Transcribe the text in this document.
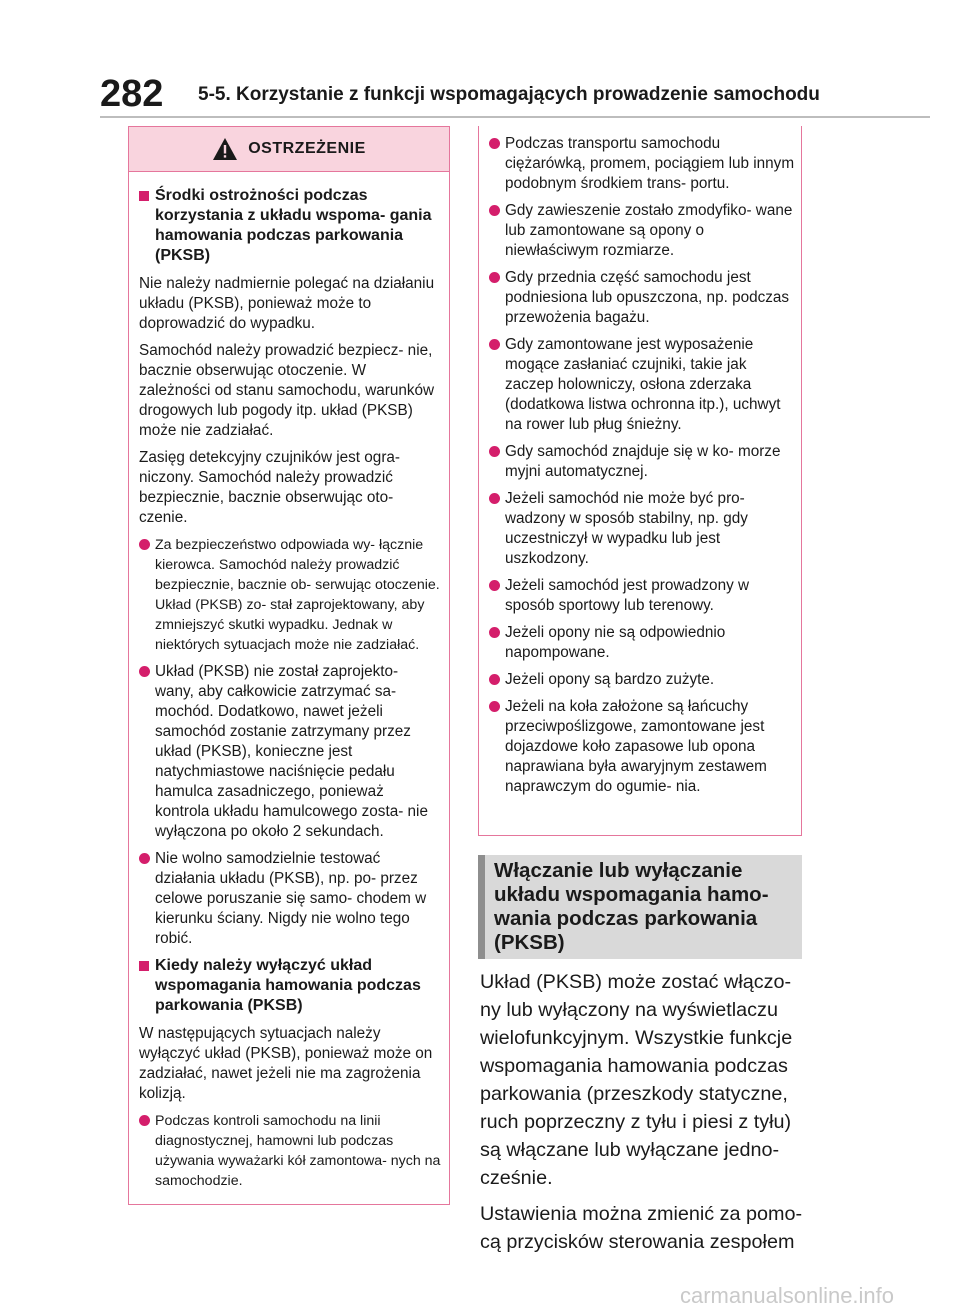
282 5-5. Korzystanie z funkcji wspomagających prowadzenie samochodu
OSTRZEŻENIE
Środki ostrożności podczas korzystania z układu wspoma- gania hamowania podczas parkowania (PKSB)

Nie należy nadmiernie polegać na działaniu układu (PKSB), ponieważ może to doprowadzić do wypadku.

Samochód należy prowadzić bezpiecz- nie, bacznie obserwując otoczenie. W zależności od stanu samochodu, warunków drogowych lub pogody itp. układ (PKSB) może nie zadziałać.

Zasięg detekcyjny czujników jest ogra- niczony. Samochód należy prowadzić bezpiecznie, bacznie obserwując oto- czenie.

Za bezpieczeństwo odpowiada wy- łącznie kierowca. Samochód należy prowadzić bezpiecznie, bacznie ob- serwując otoczenie. Układ (PKSB) zo- stał zaprojektowany, aby zmniejszyć skutki wypadku. Jednak w niektórych sytuacjach może nie zadziałać.
Układ (PKSB) nie został zaprojekto- wany, aby całkowicie zatrzymać sa- mochód. Dodatkowo, nawet jeżeli samochód zostanie zatrzymany przez układ (PKSB), konieczne jest natychmiastowe naciśnięcie pedału hamulca zasadniczego, ponieważ kontrola układu hamulcowego zosta- nie wyłączona po około 2 sekundach.
Nie wolno samodzielnie testować działania układu (PKSB), np. po- przez celowe poruszanie się samo- chodem w kierunku ściany. Nigdy nie wolno tego robić.
Kiedy należy wyłączyć układ wspomagania hamowania podczas parkowania (PKSB)

W następujących sytuacjach należy wyłączyć układ (PKSB), ponieważ może on zadziałać, nawet jeżeli nie ma zagrożenia kolizją.

Podczas kontroli samochodu na linii diagnostycznej, hamowni lub podczas używania wyważarki kół zamontowa- nych na samochodzie.
Podczas transportu samochodu ciężarówką, promem, pociągiem lub innym podobnym środkiem trans- portu.
Gdy zawieszenie zostało zmodyfiko- wane lub zamontowane są opony o niewłaściwym rozmiarze.
Gdy przednia część samochodu jest podniesiona lub opuszczona, np. podczas przewożenia bagażu.
Gdy zamontowane jest wyposażenie mogące zasłaniać czujniki, takie jak zaczep holowniczy, osłona zderzaka (dodatkowa listwa ochronna itp.), uchwyt na rower lub pług śnieżny.
Gdy samochód znajduje się w ko- morze myjni automatycznej.
Jeżeli samochód nie może być pro- wadzony w sposób stabilny, np. gdy uczestniczył w wypadku lub jest uszkodzony.
Jeżeli samochód jest prowadzony w sposób sportowy lub terenowy.
Jeżeli opony nie są odpowiednio napompowane.
Jeżeli opony są bardzo zużyte.
Jeżeli na koła założone są łańcuchy przeciwpoślizgowe, zamontowane jest dojazdowe koło zapasowe lub opona naprawiana była awaryjnym zestawem naprawczym do ogumie- nia.
Włączanie lub wyłączanie układu wspomagania hamo- wania podczas parkowania (PKSB)

Układ (PKSB) może zostać włączo- ny lub wyłączony na wyświetlaczu wielofunkcyjnym. Wszystkie funkcje wspomagania hamowania podczas parkowania (przeszkody statyczne, ruch poprzeczny z tyłu i piesi z tyłu) są włączane lub wyłączane jedno- cześnie.

Ustawienia można zmienić za pomo- cą przycisków sterowania zespołem

carmanualsonline.info
